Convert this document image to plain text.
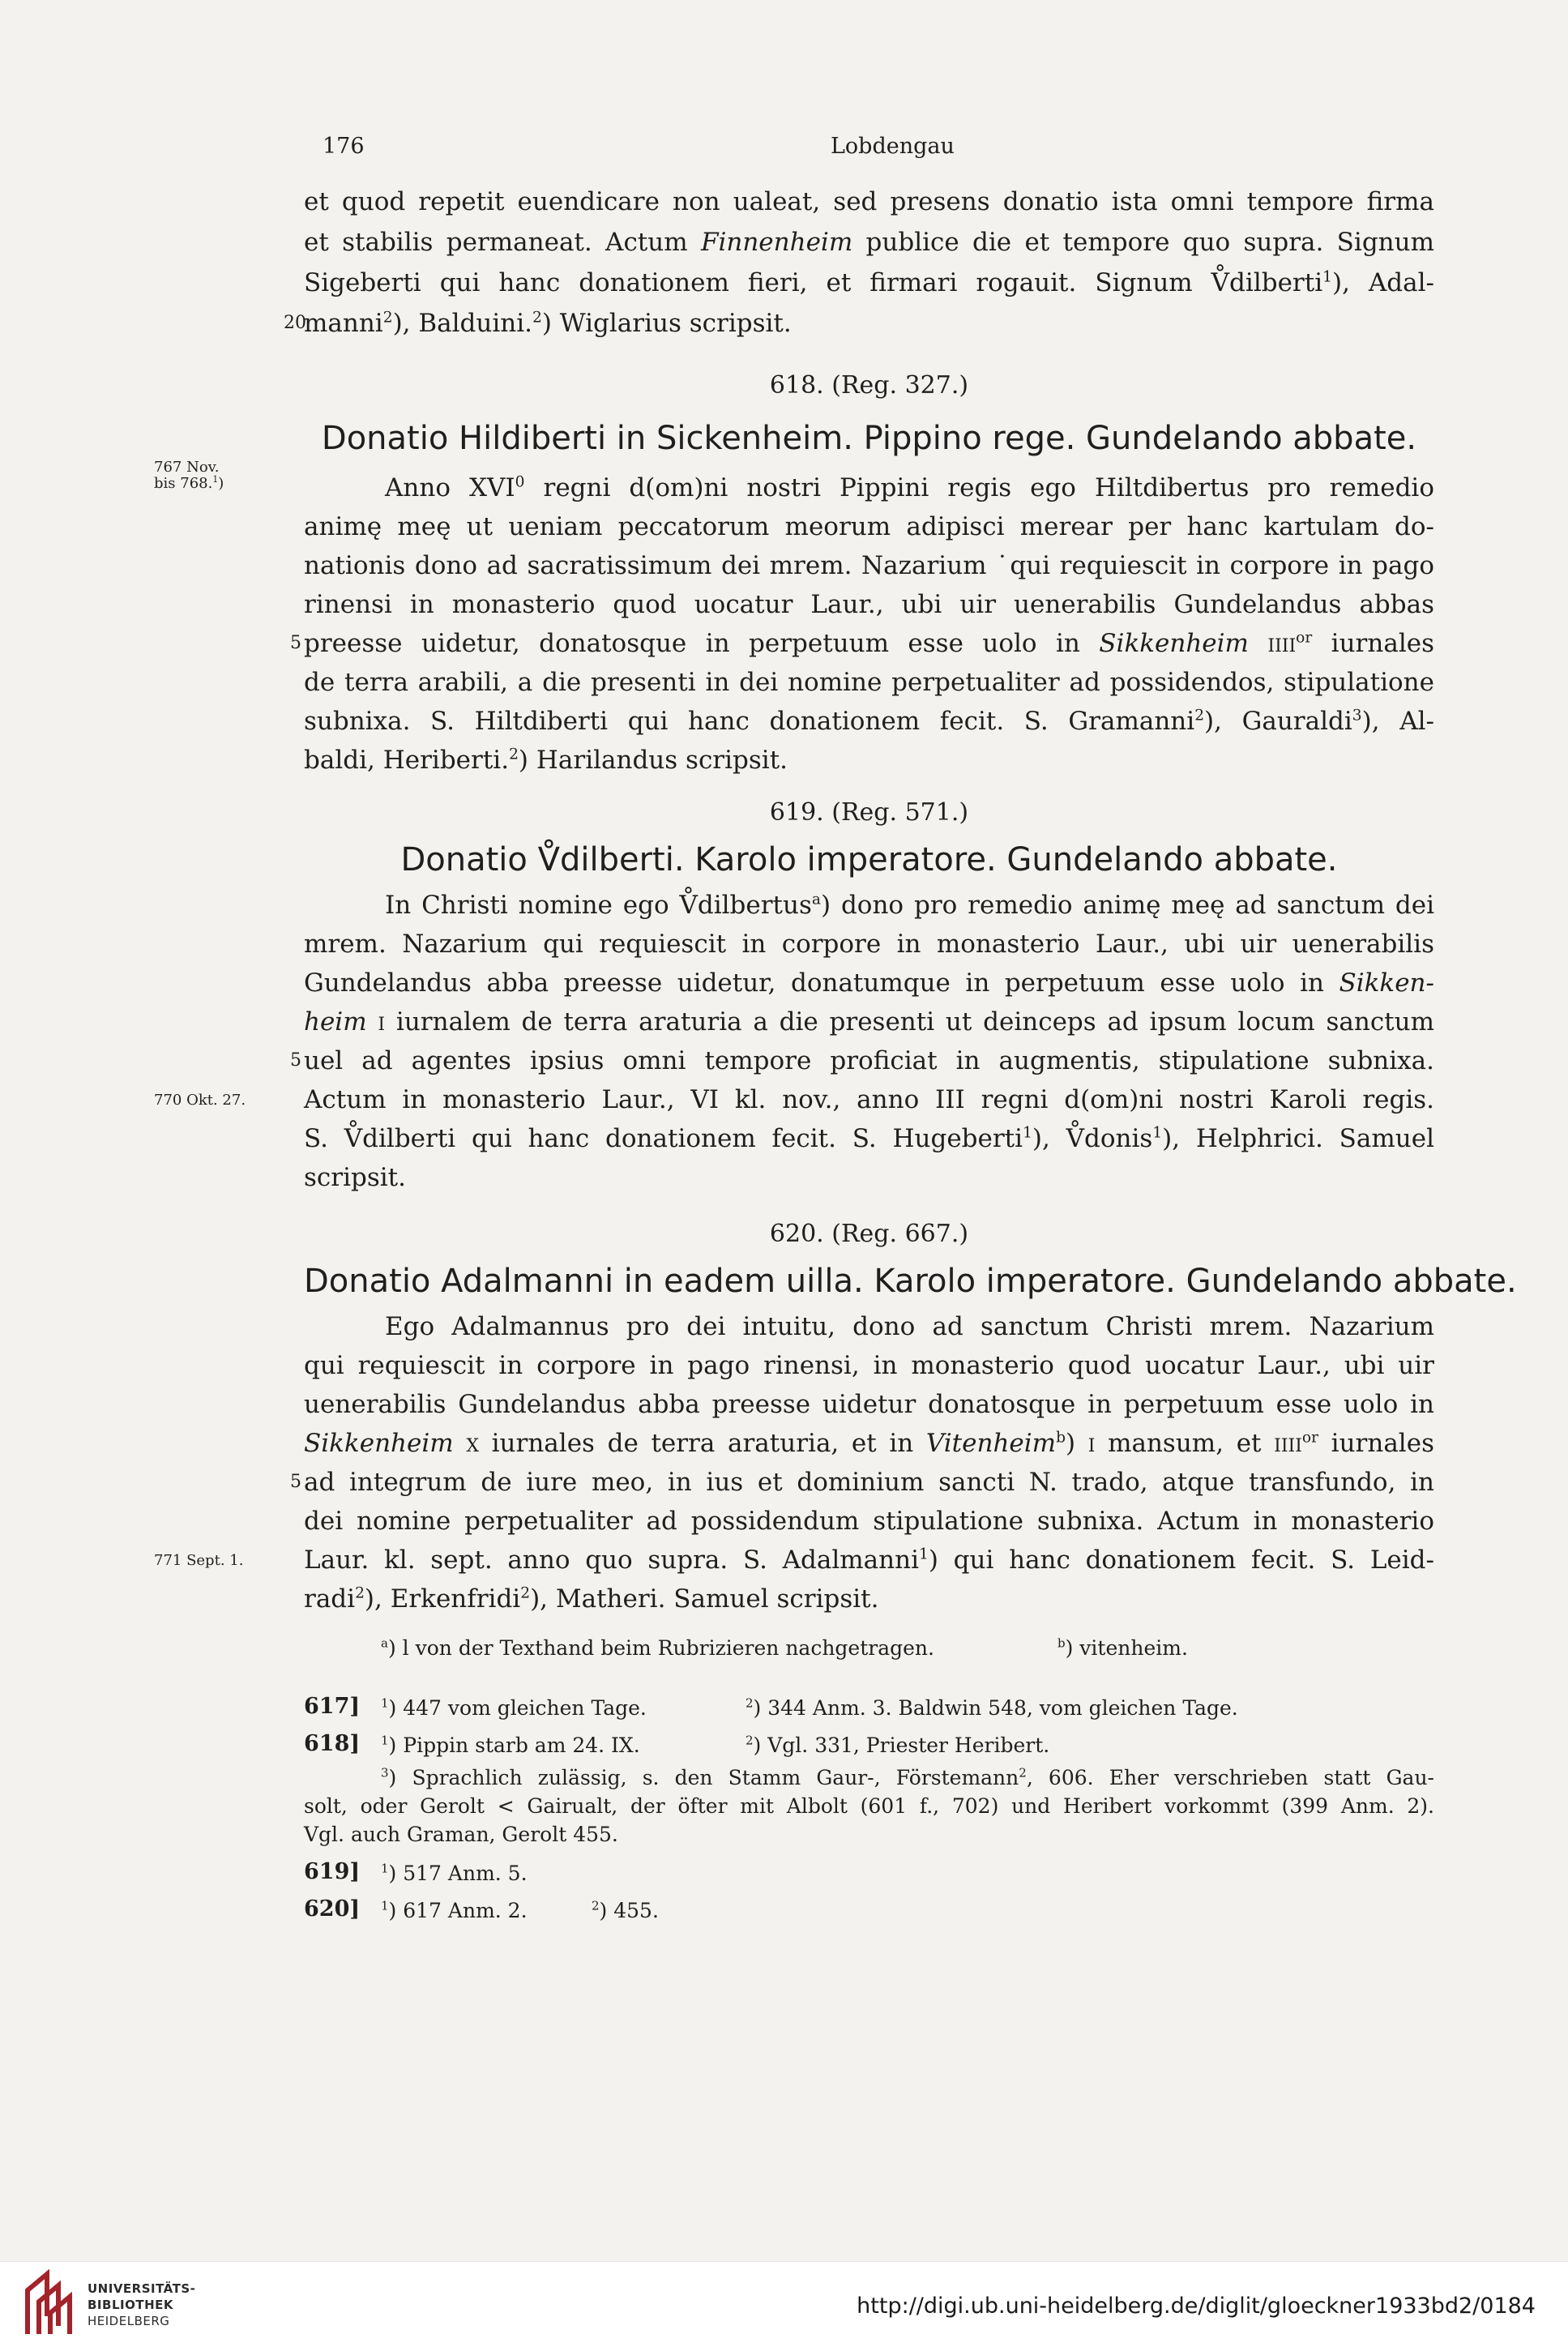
176	Lobdengau
et quod repetit euendicare non ualeat, sed presens donatio ista omni tempore firma
et stabilis permaneat. Actum Finnenheim publice die et tempore quo supra. Signum
Sigeberti qui hanc donationem fieri, et firmari rogauit. Signum V̊dilberti$^1$), Adal-
manni$^2$), Balduini.$^2$) Wiglarius scripsit.
20
618. (Reg. 327.)
Donatio Hildiberti in Sickenheim. Pippino rege. Gundelando abbate.
767 Nov.
bis 768.$^1$)	Anno XVI$^0$ regni d(om)ni nostri Pippini regis ego Hiltdibertus pro remedio
animę meę ut ueniam peccatorum meorum adipisci merear per hanc kartulam do-
nationis dono ad sacratissimum dei mrem. Nazarium ˙qui requiescit in corpore in pago
rinensi in monasterio quod uocatur Laur., ubi uir uenerabilis Gundelandus abbas
preesse uidetur, donatosque in perpetuum esse uolo in Sikkenheim iiii$^{or}$ iurnales
5
de terra arabili, a die presenti in dei nomine perpetualiter ad possidendos, stipulatione
subnixa. S. Hiltdiberti qui hanc donationem fecit. S. Gramanni$^2$), Gauraldi$^3$), Al-
baldi, Heriberti.$^2$) Harilandus scripsit.
619. (Reg. 571.)
Donatio V̊dilberti. Karolo imperatore. Gundelando abbate.
In Christi nomine ego V̊dilbertus$^a$) dono pro remedio animę meę ad sanctum dei
mrem. Nazarium qui requiescit in corpore in monasterio Laur., ubi uir uenerabilis
Gundelandus abba preesse uidetur, donatumque in perpetuum esse uolo in Sikken-
heim i iurnalem de terra araturia a die presenti ut deinceps ad ipsum locum sanctum
uel ad agentes ipsius omni tempore proficiat in augmentis, stipulatione subnixa.
5
770 Okt. 27. Actum in monasterio Laur., VI kl. nov., anno III regni d(om)ni nostri Karoli regis.
S. V̊dilberti qui hanc donationem fecit. S. Hugeberti$^1$), V̊donis$^1$), Helphrici. Samuel
scripsit.
620. (Reg. 667.)
Donatio Adalmanni in eadem uilla. Karolo imperatore. Gundelando abbate.
Ego Adalmannus pro dei intuitu, dono ad sanctum Christi mrem. Nazarium
qui requiescit in corpore in pago rinensi, in monasterio quod uocatur Laur., ubi uir
uenerabilis Gundelandus abba preesse uidetur donatosque in perpetuum esse uolo in
Sikkenheim x iurnales de terra araturia, et in Vitenheim$^b$) i mansum, et iiii$^{or}$ iurnales
ad integrum de iure meo, in ius et dominium sancti N. trado, atque transfundo, in
5
dei nomine perpetualiter ad possidendum stipulatione subnixa. Actum in monasterio
771 Sept. 1. Laur. kl. sept. anno quo supra. S. Adalmanni$^1$) qui hanc donationem fecit. S. Leid-
radi$^2$), Erkenfridi$^2$), Matheri. Samuel scripsit.
$^a$) l von der Texthand beim Rubrizieren nachgetragen.	$^b$) vitenheim.
617] $^1$) 447 vom gleichen Tage.	$^2$) 344 Anm. 3. Baldwin 548, vom gleichen Tage.
618] $^1$) Pippin starb am 24. IX.	$^2$) Vgl. 331, Priester Heribert.
$^3$) Sprachlich zulässig, s. den Stamm Gaur-, Förstemann$^2$, 606. Eher verschrieben statt Gau-
solt, oder Gerolt < Gairualt, der öfter mit Albolt (601 f., 702) und Heribert vorkommt (399 Anm. 2).
Vgl. auch Graman, Gerolt 455.
619] $^1$) 517 Anm. 5.
620] $^1$) 617 Anm. 2.	$^2$) 455.
UNIVERSITÄTS-
BIBLIOTHEK
HEIDELBERG
http://digi.ub.uni-heidelberg.de/diglit/gloeckner1933bd2/0184
